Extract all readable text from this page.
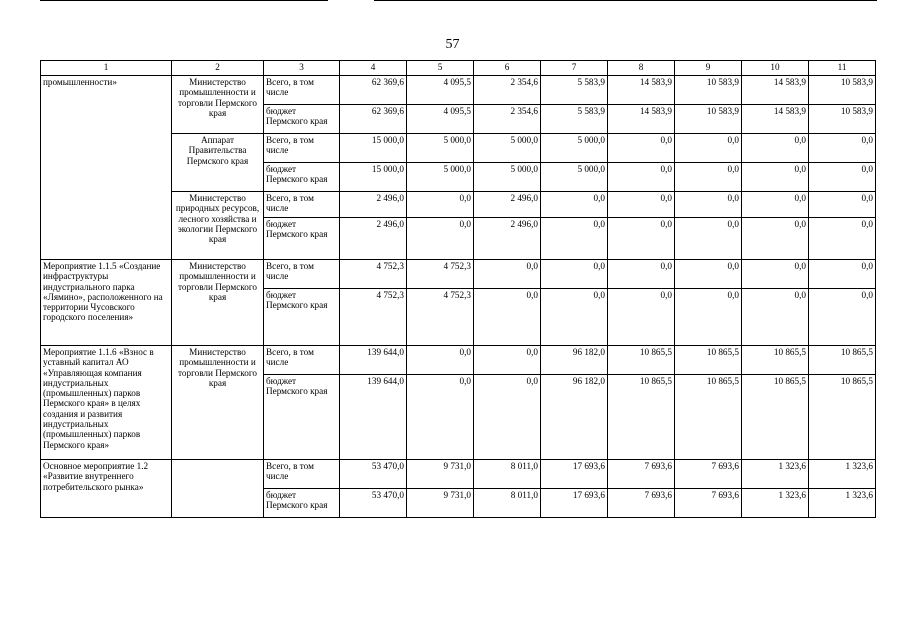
57
1	2	3	4	5	6	7	8	9	10	11
промышленности»	Министерство промышленности и торговли Пермского края	Всего, в том числе	62 369,6	4 095,5	2 354,6	5 583,9	14 583,9	10 583,9	14 583,9	10 583,9
		бюджет Пермского края	62 369,6	4 095,5	2 354,6	5 583,9	14 583,9	10 583,9	14 583,9	10 583,9
	Аппарат Правительства Пермского края	Всего, в том числе	15 000,0	5 000,0	5 000,0	5 000,0	0,0	0,0	0,0	0,0
		бюджет Пермского края	15 000,0	5 000,0	5 000,0	5 000,0	0,0	0,0	0,0	0,0
	Министерство природных ресурсов, лесного хозяйства и экологии Пермского края	Всего, в том числе	2 496,0	0,0	2 496,0	0,0	0,0	0,0	0,0	0,0
		бюджет Пермского края	2 496,0	0,0	2 496,0	0,0	0,0	0,0	0,0	0,0
Мероприятие 1.1.5 «Создание инфраструктуры индустриального парка «Лямино», расположенного на территории Чусовского городского поселения»	Министерство промышленности и торговли Пермского края	Всего, в том числе	4 752,3	4 752,3	0,0	0,0	0,0	0,0	0,0	0,0
		бюджет Пермского края	4 752,3	4 752,3	0,0	0,0	0,0	0,0	0,0	0,0
Мероприятие 1.1.6 «Взнос в уставный капитал АО «Управляющая компания индустриальных (промышленных) парков Пермского края» в целях создания и развития индустриальных (промышленных) парков Пермского края»	Министерство промышленности и торговли Пермского края	Всего, в том числе	139 644,0	0,0	0,0	96 182,0	10 865,5	10 865,5	10 865,5	10 865,5
		бюджет Пермского края	139 644,0	0,0	0,0	96 182,0	10 865,5	10 865,5	10 865,5	10 865,5
Основное мероприятие 1.2 «Развитие внутреннего потребительского рынка»		Всего, в том числе	53 470,0	9 731,0	8 011,0	17 693,6	7 693,6	7 693,6	1 323,6	1 323,6
		бюджет Пермского края	53 470,0	9 731,0	8 011,0	17 693,6	7 693,6	7 693,6	1 323,6	1 323,6
